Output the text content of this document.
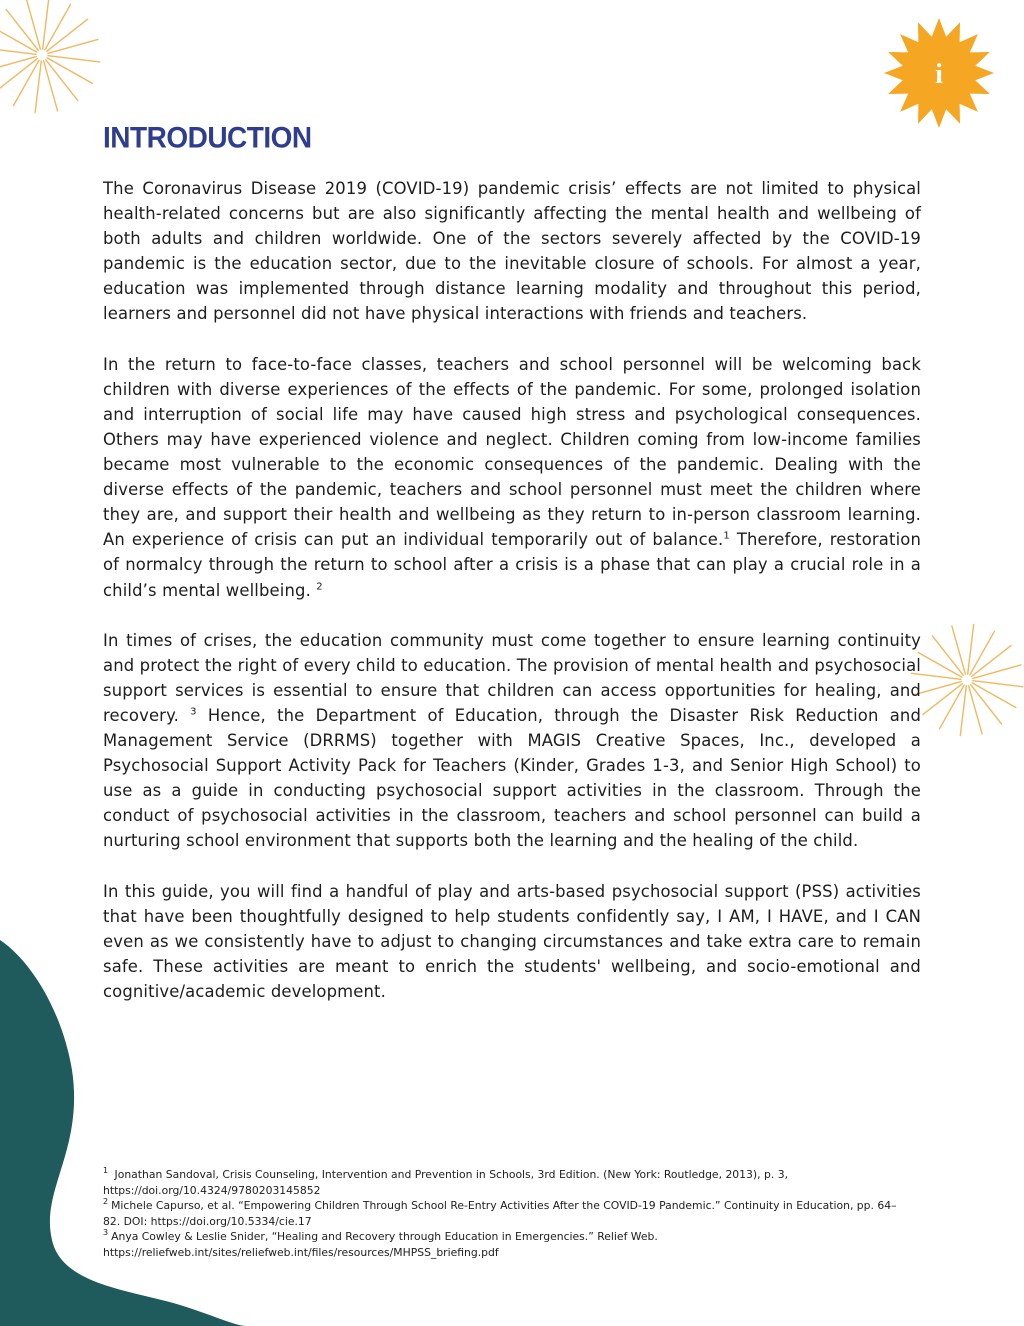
i
INTRODUCTION

The Coronavirus Disease 2019 (COVID-19) pandemic crisis’ effects are not limited to physical health-related concerns but are also significantly affecting the mental health and wellbeing of both adults and children worldwide. One of the sectors severely affected by the COVID-19 pandemic is the education sector, due to the inevitable closure of schools. For almost a year, education was implemented through distance learning modality and throughout this period, learners and personnel did not have physical interactions with friends and teachers.

In the return to face-to-face classes, teachers and school personnel will be welcoming back children with diverse experiences of the effects of the pandemic. For some, prolonged isolation and interruption of social life may have caused high stress and psychological consequences. Others may have experienced violence and neglect. Children coming from low-income families became most vulnerable to the economic consequences of the pandemic. Dealing with the diverse effects of the pandemic, teachers and school personnel must meet the children where they are, and support their health and wellbeing as they return to in-person classroom learning. An experience of crisis can put an individual temporarily out of balance.$^1$ Therefore, restoration of normalcy through the return to school after a crisis is a phase that can play a crucial role in a child’s mental wellbeing. $^2$

In times of crises, the education community must come together to ensure learning continuity and protect the right of every child to education. The provision of mental health and psychosocial support services is essential to ensure that children can access opportunities for healing, and recovery. $^3$ Hence, the Department of Education, through the Disaster Risk Reduction and Management Service (DRRMS) together with MAGIS Creative Spaces, Inc., developed a Psychosocial Support Activity Pack for Teachers (Kinder, Grades 1-3, and Senior High School) to use as a guide in conducting psychosocial support activities in the classroom. Through the conduct of psychosocial activities in the classroom, teachers and school personnel can build a nurturing school environment that supports both the learning and the healing of the child.

In this guide, you will find a handful of play and arts-based psychosocial support (PSS) activities that have been thoughtfully designed to help students confidently say, I AM, I HAVE, and I CAN even as we consistently have to adjust to changing circumstances and take extra care to remain safe. These activities are meant to enrich the students' wellbeing, and socio-emotional and cognitive/academic development.

$^1$ Jonathan Sandoval, Crisis Counseling, Intervention and Prevention in Schools, 3rd Edition. (New York: Routledge, 2013), p. 3, https://doi.org/10.4324/9780203145852

$^2$ Michele Capurso, et al. “Empowering Children Through School Re-Entry Activities After the COVID-19 Pandemic.” Continuity in Education, pp. 64–82. DOI: https://doi.org/10.5334/cie.17

$^3$ Anya Cowley & Leslie Snider, “Healing and Recovery through Education in Emergencies.” Relief Web. https://reliefweb.int/sites/reliefweb.int/files/resources/MHPSS_briefing.pdf
